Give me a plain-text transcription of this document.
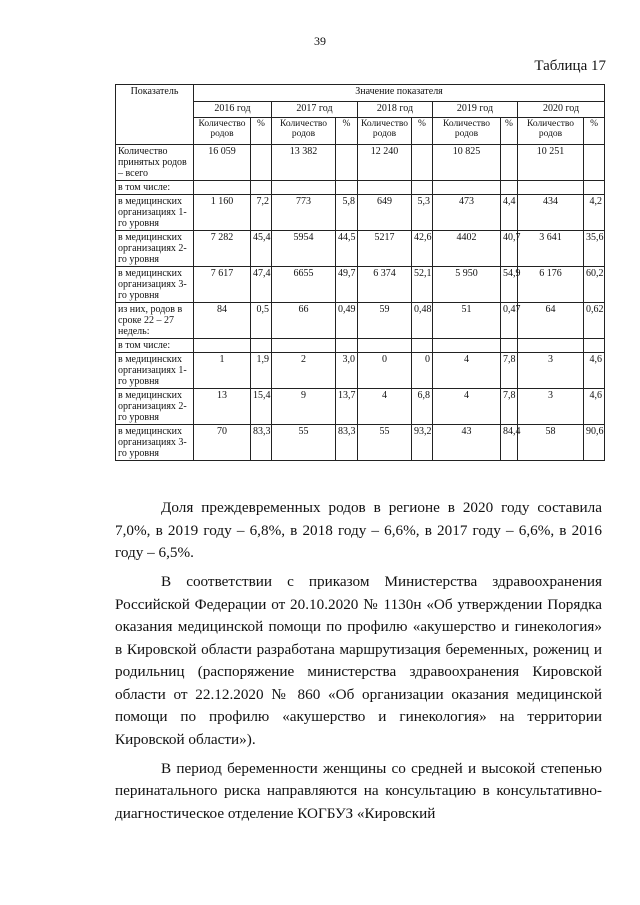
39
Таблица 17
Показатель	Значение показателя									
	2016 год		2017 год		2018 год		2019 год		2020 год	
	Количество родов	%	Количество родов	%	Количество родов	%	Количество родов	%	Количество родов	%
Количество принятых родов – всего	16 059		13 382		12 240		10 825		10 251	
в том числе:										
в медицинских организациях 1-го уровня	1 160	7,2	773	5,8	649	5,3	473	4,4	434	4,2
в медицинских организациях 2-го уровня	7 282	45,4	5954	44,5	5217	42,6	4402	40,7	3 641	35,6
в медицинских организациях 3-го уровня	7 617	47,4	6655	49,7	6 374	52,1	5 950	54,9	6 176	60,2
из них, родов в сроке 22 – 27 недель:	84	0,5	66	0,49	59	0,48	51	0,47	64	0,62
в том числе:										
в медицинских организациях 1-го уровня	1	1,9	2	3,0	0	0	4	7,8	3	4,6
в медицинских организациях 2-го уровня	13	15,4	9	13,7	4	6,8	4	7,8	3	4,6
в медицинских организациях 3-го уровня	70	83,3	55	83,3	55	93,2	43	84,4	58	90,6

Доля преждевременных родов в регионе в 2020 году составила 7,0%, в 2019 году – 6,8%, в 2018 году – 6,6%, в 2017 году – 6,6%, в 2016 году – 6,5%.

В соответствии с приказом Министерства здравоохранения Российской Федерации от 20.10.2020 № 1130н «Об утверждении Порядка оказания медицинской помощи по профилю «акушерство и гинекология» в Кировской области разработана маршрутизация беременных, рожениц и родильниц (распоряжение министерства здравоохранения Кировской области от 22.12.2020 № 860 «Об организации оказания медицинской помощи по профилю «акушерство и гинекология» на территории Кировской области»).

В период беременности женщины со средней и высокой степенью перинатального риска направляются на консультацию в консультативно-диагностическое отделение КОГБУЗ «Кировский
